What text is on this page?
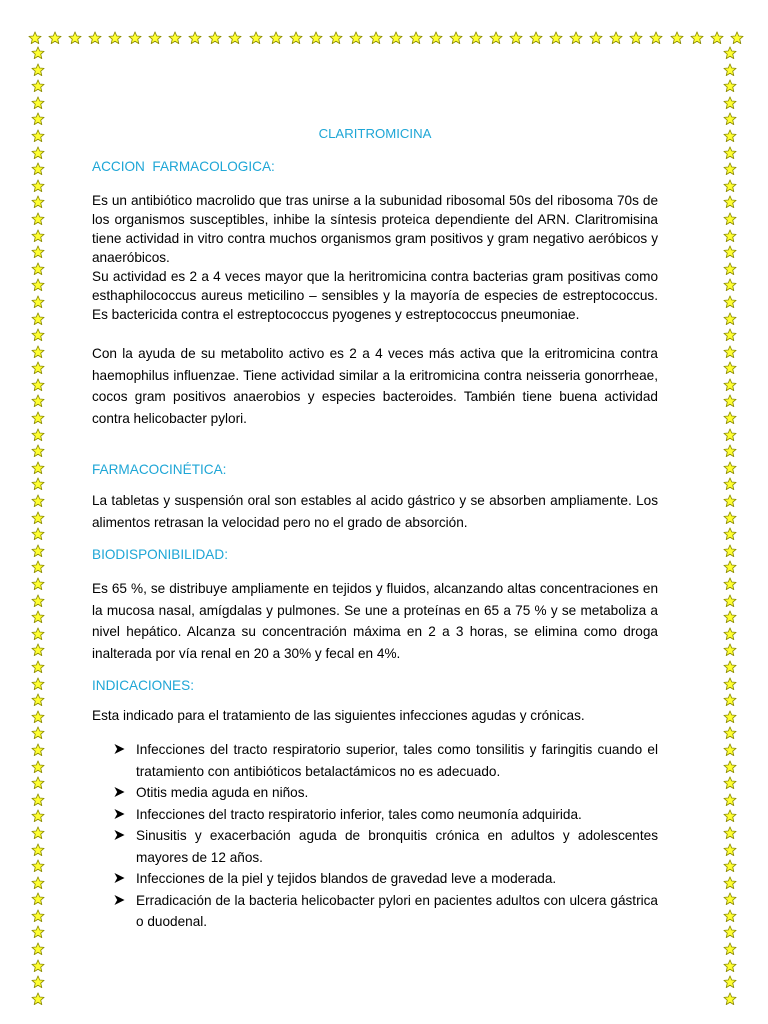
CLARITROMICINA
ACCION  FARMACOLOGICA:

Es un antibiótico macrolido que tras unirse a la subunidad ribosomal 50s del ribosoma 70s de los organismos susceptibles, inhibe la síntesis proteica dependiente del ARN. Claritromisina tiene actividad in vitro contra muchos organismos gram positivos y gram negativo aeróbicos y anaeróbicos.

Su actividad es 2 a 4 veces mayor que la heritromicina contra bacterias gram positivas como esthaphilococcus aureus meticilino – sensibles y la mayoría de especies de estreptococcus. Es bactericida contra el estreptococcus pyogenes y estreptococcus pneumoniae.

Con la ayuda de su metabolito activo es 2 a 4 veces más activa que la eritromicina contra haemophilus influenzae. Tiene actividad similar a la eritromicina contra neisseria gonorrheae, cocos gram positivos anaerobios y especies bacteroides. También tiene buena actividad contra helicobacter pylori.

FARMACOCINÉTICA:

La tabletas y suspensión oral son estables al acido gástrico y se absorben ampliamente. Los alimentos retrasan la velocidad pero no el grado de absorción.

BIODISPONIBILIDAD:

Es 65 %, se distribuye ampliamente en tejidos y fluidos, alcanzando altas concentraciones en la mucosa nasal, amígdalas y pulmones. Se une a proteínas en 65 a 75 % y se metaboliza a nivel hepático. Alcanza su concentración máxima en 2 a 3 horas, se elimina como droga inalterada por vía renal en 20 a 30% y fecal en 4%.

INDICACIONES:

Esta indicado para el tratamiento de las siguientes infecciones agudas y crónicas.

Infecciones del tracto respiratorio superior, tales como tonsilitis y faringitis cuando el tratamiento con antibióticos betalactámicos no es adecuado.
Otitis media aguda en niños.
Infecciones del tracto respiratorio inferior, tales como neumonía adquirida.
Sinusitis y exacerbación aguda de bronquitis crónica en adultos y adolescentes mayores de 12 años.
Infecciones de la piel y tejidos blandos de gravedad leve a moderada.
Erradicación de la bacteria helicobacter pylori en pacientes adultos con ulcera gástrica o duodenal.
